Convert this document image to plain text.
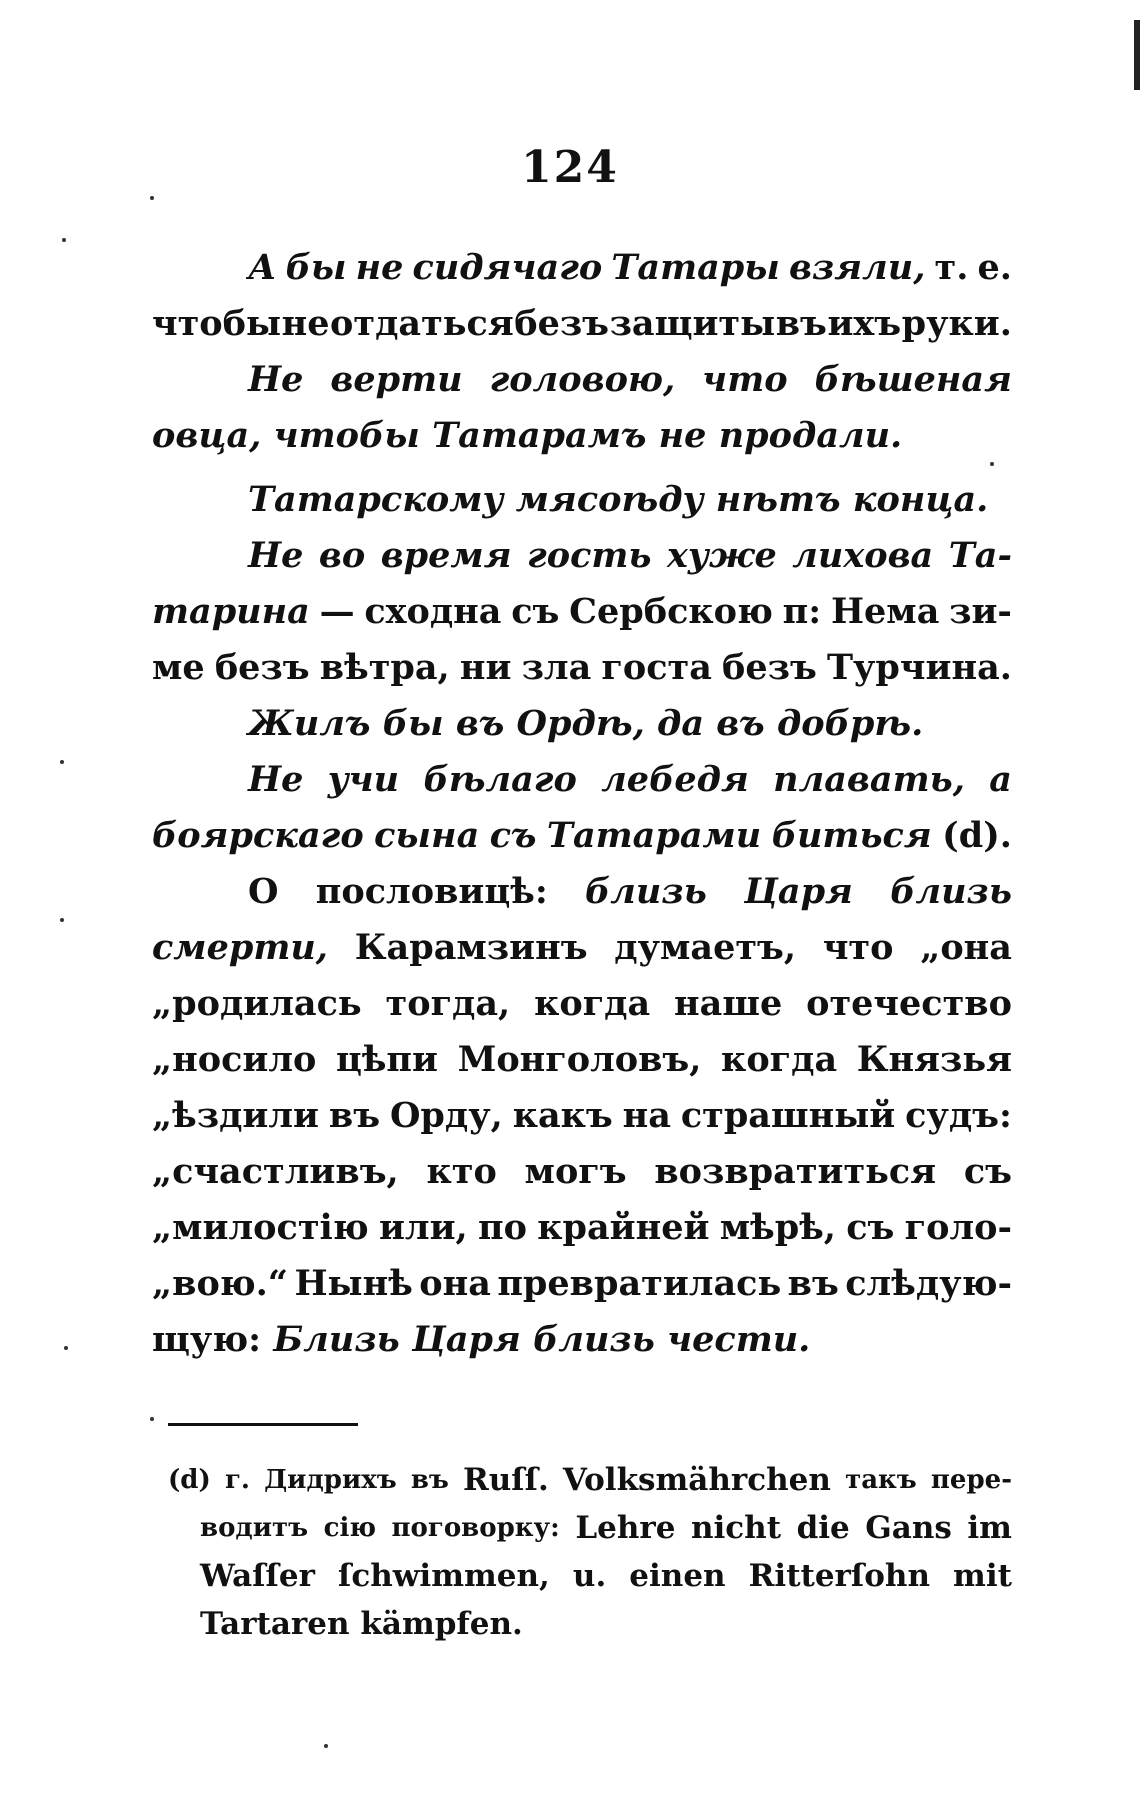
124
А бы не сидячаго Татары взяли, т. е.
чтобы не отдаться безъ защиты въ ихъ руки.
Не верти головою, что бѣшеная
овца, чтобы Татарамъ не продали.
Татарскому мясоѣду нѣтъ конца.
Не во время гость хуже лихова Та-
тарина — сходна съ Сербскою п: Нема зи-
ме безъ вѣтра, ни зла госта безъ Турчина.
Жилъ бы въ Ордѣ, да въ добрѣ.
Не учи бѣлаго лебедя плавать, а
боярскаго сына съ Татарами биться (d).
О пословицѣ: близь Царя близь
смерти, Карамзинъ думаетъ, что „она
„родилась тогда, когда наше отечество
„носило цѣпи Монголовъ, когда Князья
„ѣздили въ Орду, какъ на страшный судъ:
„счастливъ, кто могъ возвратиться съ
„милостію или, по крайней мѣрѣ, съ голо-
„вою.“ Нынѣ она превратилась въ слѣдую-
щую: Близь Царя близь чести.
(d) г. Дидрихъ въ Ruſſ. Volksmährchen такъ пере-
водитъ сію поговорку: Lehre nicht die Gans im
Waſſer ſchwimmen, u. einen Ritterſohn mit
Tartaren kämpfen.
